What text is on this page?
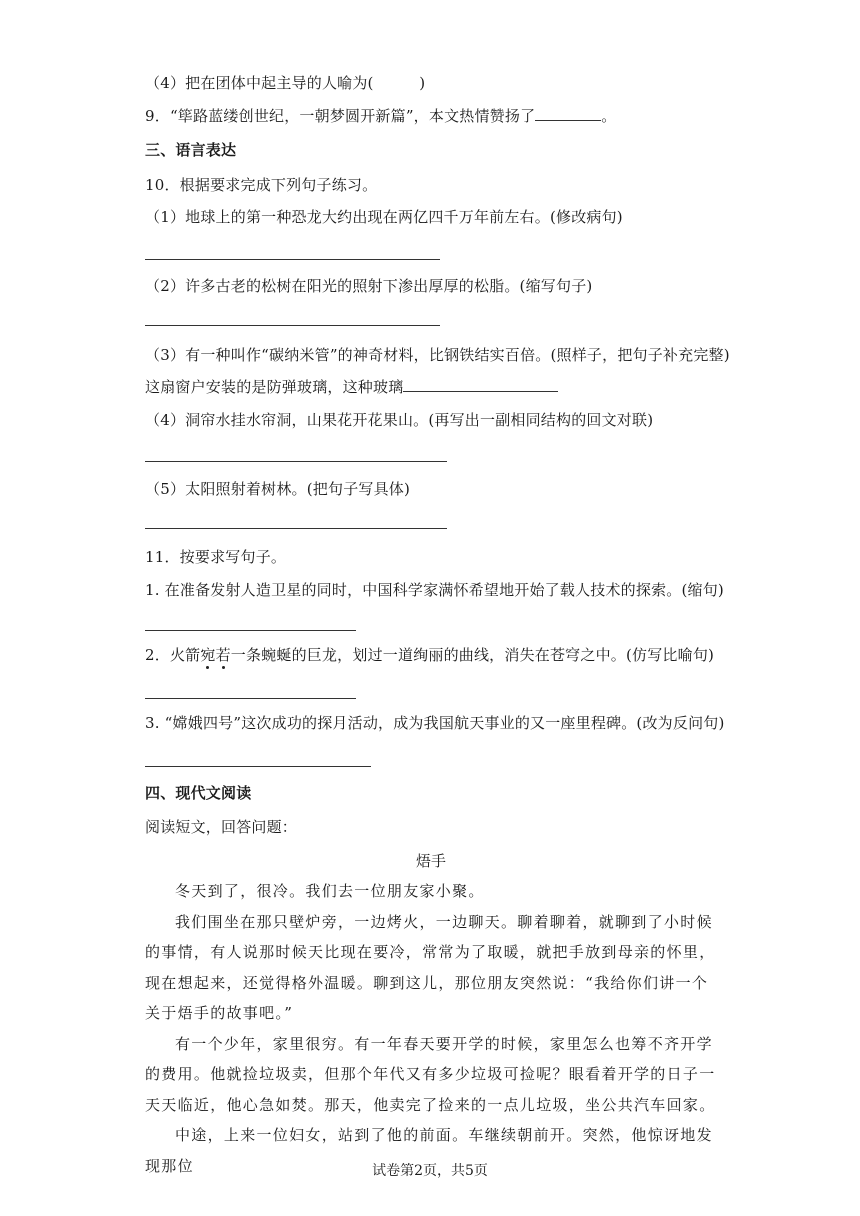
（4）把在团体中起主导的人喻为(　　　)
9．“筚路蓝缕创世纪，一朝梦圆开新篇”，本文热情赞扬了	。
三、语言表达
10．根据要求完成下列句子练习。
（1）地球上的第一种恐龙大约出现在两亿四千万年前左右。(修改病句)
（2）许多古老的松树在阳光的照射下渗出厚厚的松脂。(缩写句子)
（3）有一种叫作“碳纳米管”的神奇材料，比钢铁结实百倍。(照样子，把句子补充完整)
这扇窗户安装的是防弹玻璃，这种玻璃
（4）洞帘水挂水帘洞，山果花开花果山。(再写出一副相同结构的回文对联)
（5）太阳照射着树林。(把句子写具体)
11．按要求写句子。
1. 在准备发射人造卫星的同时，中国科学家满怀希望地开始了载人技术的探索。(缩句)
2．火箭宛若一条蜿蜒的巨龙，划过一道绚丽的曲线，消失在苍穹之中。(仿写比喻句)
3. “嫦娥四号”这次成功的探月活动，成为我国航天事业的又一座里程碑。(改为反问句)
四、现代文阅读
阅读短文，回答问题：
焐手

冬天到了，很冷。我们去一位朋友家小聚。

我们围坐在那只壁炉旁，一边烤火，一边聊天。聊着聊着，就聊到了小时候的事情，有人说那时候天比现在要冷，常常为了取暖，就把手放到母亲的怀里，现在想起来，还觉得格外温暖。聊到这儿，那位朋友突然说：“我给你们讲一个关于焐手的故事吧。”

有一个少年，家里很穷。有一年春天要开学的时候，家里怎么也筹不齐开学的费用。他就捡垃圾卖，但那个年代又有多少垃圾可捡呢？眼看着开学的日子一天天临近，他心急如焚。那天，他卖完了捡来的一点儿垃圾，坐公共汽车回家。

中途，上来一位妇女，站到了他的前面。车继续朝前开。突然，他惊讶地发现那位	试卷第2页，共5页
